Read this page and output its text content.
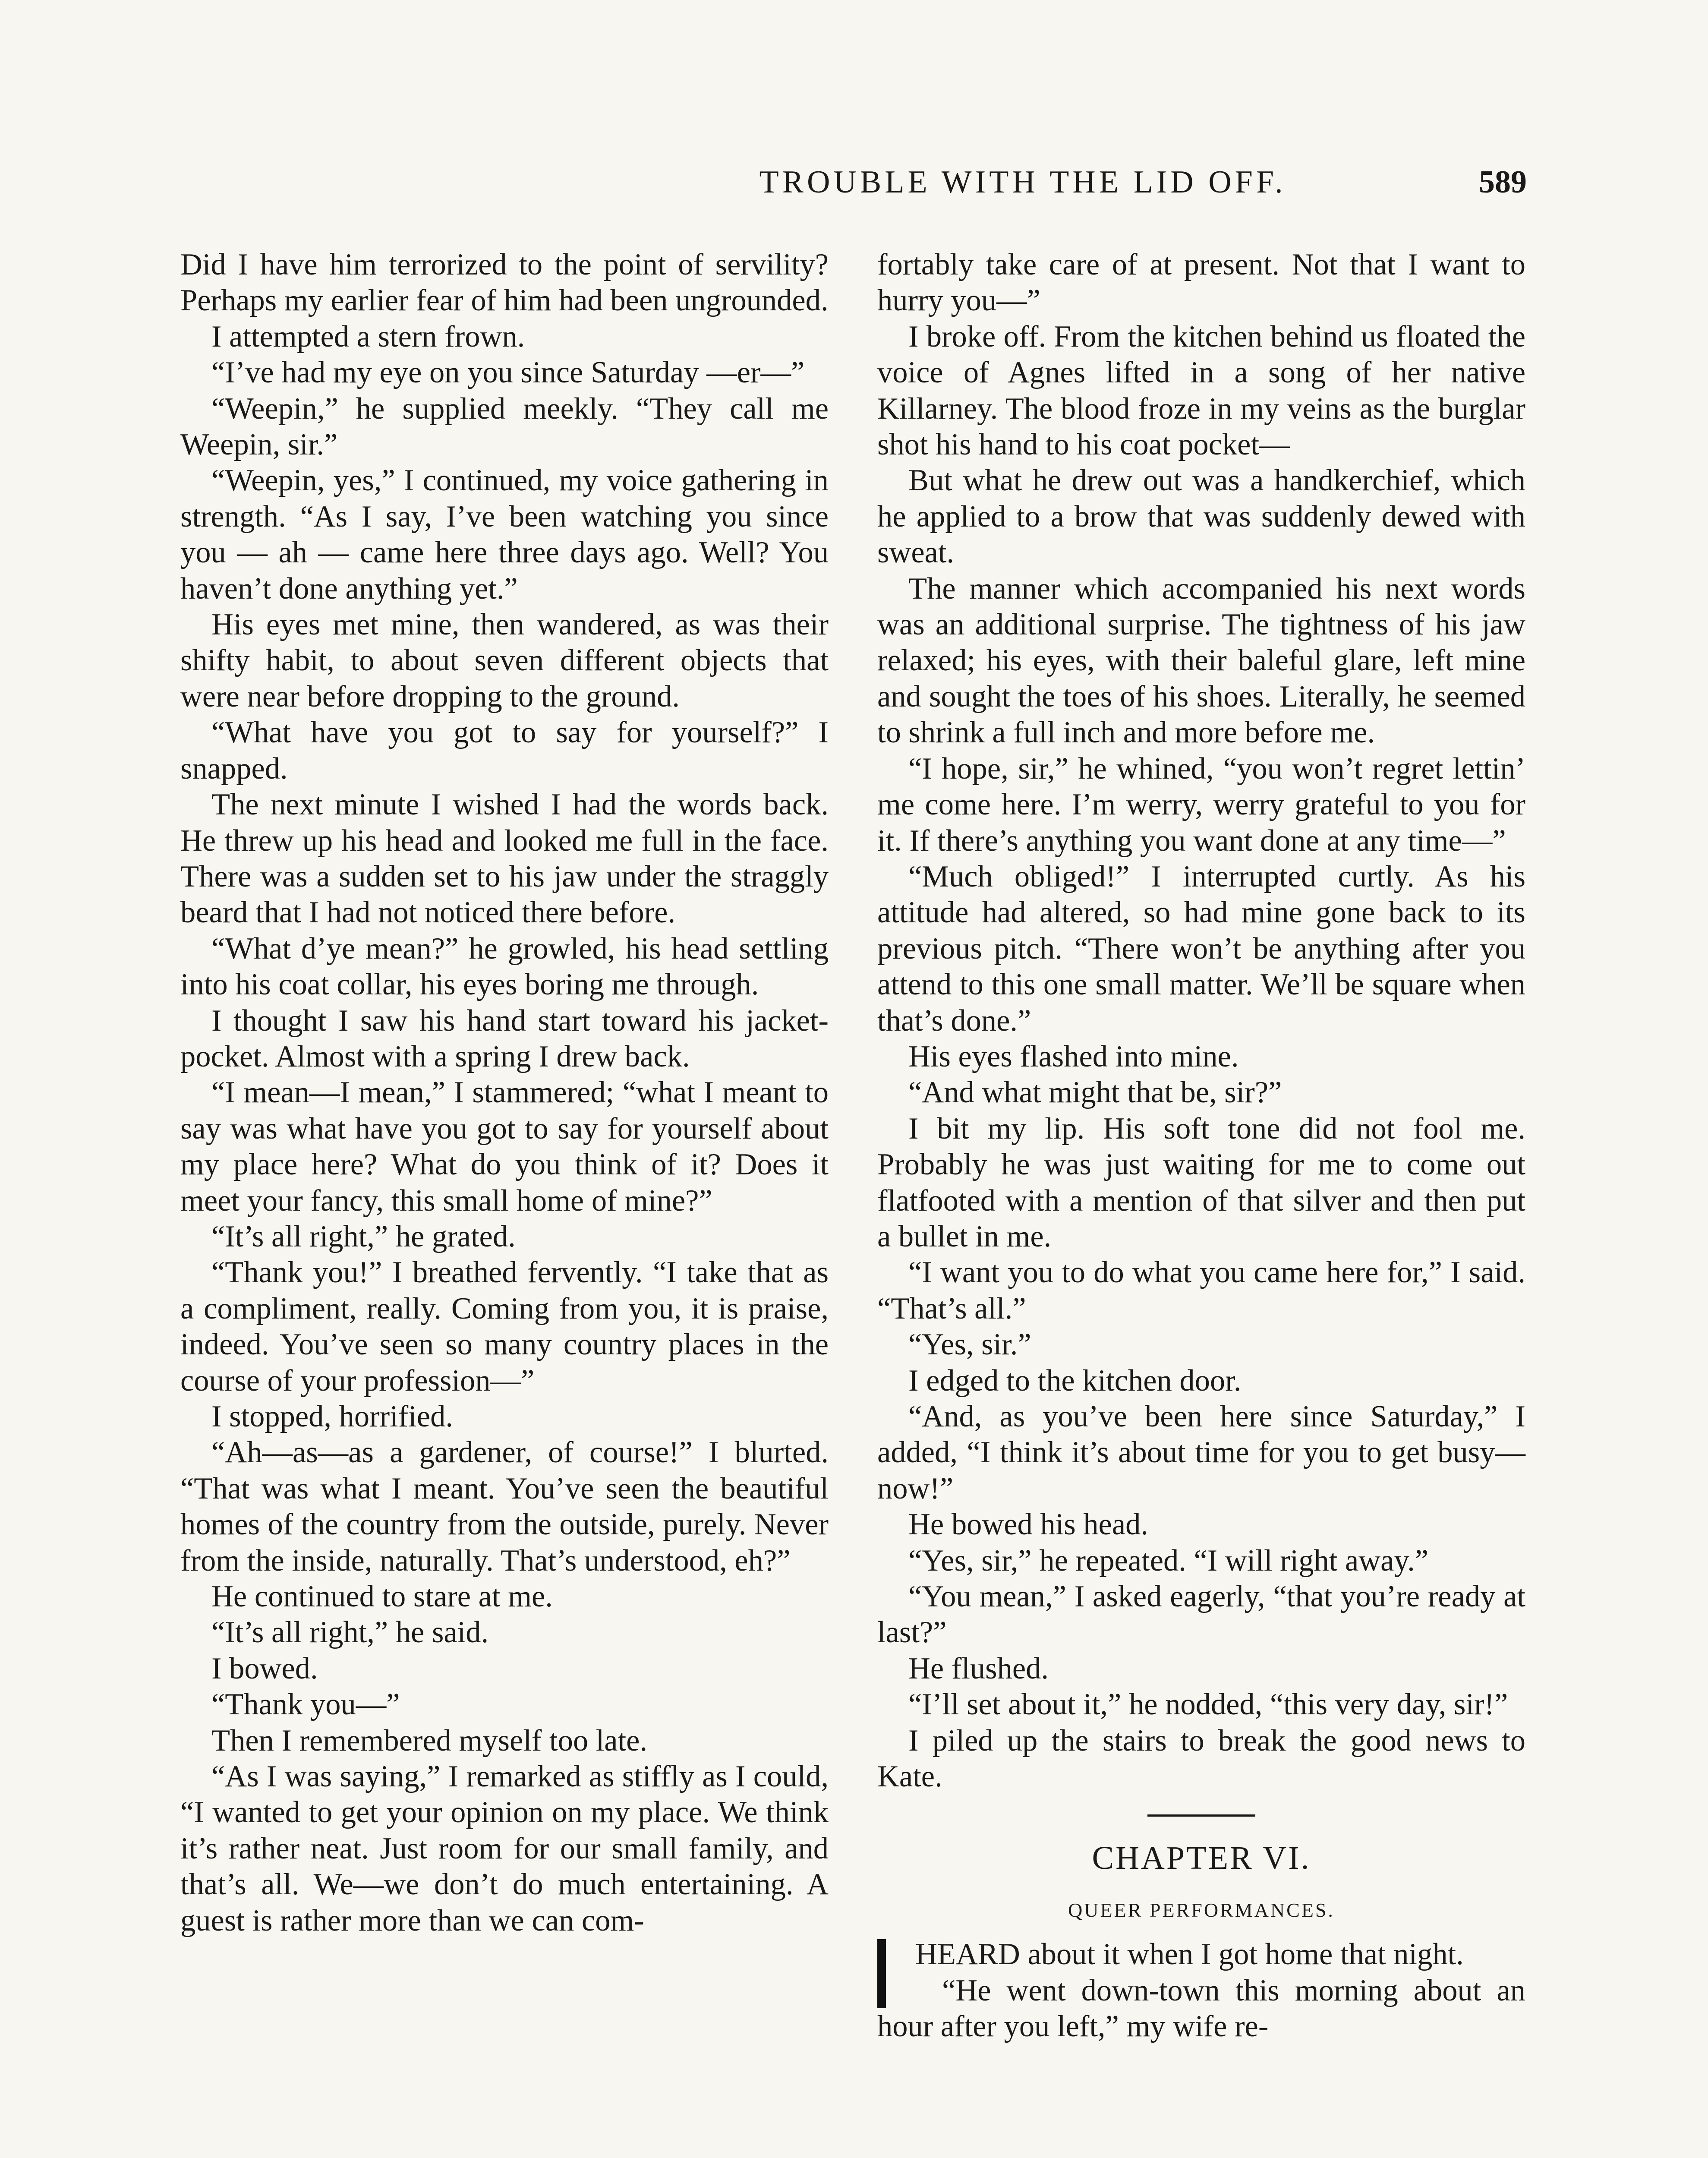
TROUBLE WITH THE LID OFF.	589

Did I have him terrorized to the point of servility? Perhaps my earlier fear of him had been ungrounded.

I attempted a stern frown.

“I’ve had my eye on you since Saturday —er—”

“Weepin,” he supplied meekly. “They call me Weepin, sir.”

“Weepin, yes,” I continued, my voice gathering in strength. “As I say, I’ve been watching you since you — ah — came here three days ago. Well? You haven’t done anything yet.”

His eyes met mine, then wandered, as was their shifty habit, to about seven different objects that were near before dropping to the ground.

“What have you got to say for yourself?” I snapped.

The next minute I wished I had the words back. He threw up his head and looked me full in the face. There was a sudden set to his jaw under the straggly beard that I had not noticed there before.

“What d’ye mean?” he growled, his head settling into his coat collar, his eyes boring me through.

I thought I saw his hand start toward his jacket-pocket. Almost with a spring I drew back.

“I mean—I mean,” I stammered; “what I meant to say was what have you got to say for yourself about my place here? What do you think of it? Does it meet your fancy, this small home of mine?”

“It’s all right,” he grated.

“Thank you!” I breathed fervently. “I take that as a compliment, really. Coming from you, it is praise, indeed. You’ve seen so many country places in the course of your profession—”

I stopped, horrified.

“Ah—as—as a gardener, of course!” I blurted. “That was what I meant. You’ve seen the beautiful homes of the country from the outside, purely. Never from the inside, naturally. That’s understood, eh?”

He continued to stare at me.

“It’s all right,” he said.

I bowed.

“Thank you—”

Then I remembered myself too late.

“As I was saying,” I remarked as stiffly as I could, “I wanted to get your opinion on my place. We think it’s rather neat. Just room for our small family, and that’s all. We—we don’t do much entertaining. A guest is rather more than we can com-

fortably take care of at present. Not that I want to hurry you—”

I broke off. From the kitchen behind us floated the voice of Agnes lifted in a song of her native Killarney. The blood froze in my veins as the burglar shot his hand to his coat pocket—

But what he drew out was a handkerchief, which he applied to a brow that was suddenly dewed with sweat.

The manner which accompanied his next words was an additional surprise. The tightness of his jaw relaxed; his eyes, with their baleful glare, left mine and sought the toes of his shoes. Literally, he seemed to shrink a full inch and more before me.

“I hope, sir,” he whined, “you won’t regret lettin’ me come here. I’m werry, werry grateful to you for it. If there’s anything you want done at any time—”

“Much obliged!” I interrupted curtly. As his attitude had altered, so had mine gone back to its previous pitch. “There won’t be anything after you attend to this one small matter. We’ll be square when that’s done.”

His eyes flashed into mine.

“And what might that be, sir?”

I bit my lip. His soft tone did not fool me. Probably he was just waiting for me to come out flatfooted with a mention of that silver and then put a bullet in me.

“I want you to do what you came here for,” I said. “That’s all.”

“Yes, sir.”

I edged to the kitchen door.

“And, as you’ve been here since Saturday,” I added, “I think it’s about time for you to get busy—now!”

He bowed his head.

“Yes, sir,” he repeated. “I will right away.”

“You mean,” I asked eagerly, “that you’re ready at last?”

He flushed.

“I’ll set about it,” he nodded, “this very day, sir!”

I piled up the stairs to break the good news to Kate.

CHAPTER VI.
QUEER PERFORMANCES.

HEARD about it when I got home that night.

“He went down-town this morning about an hour after you left,” my wife re-
